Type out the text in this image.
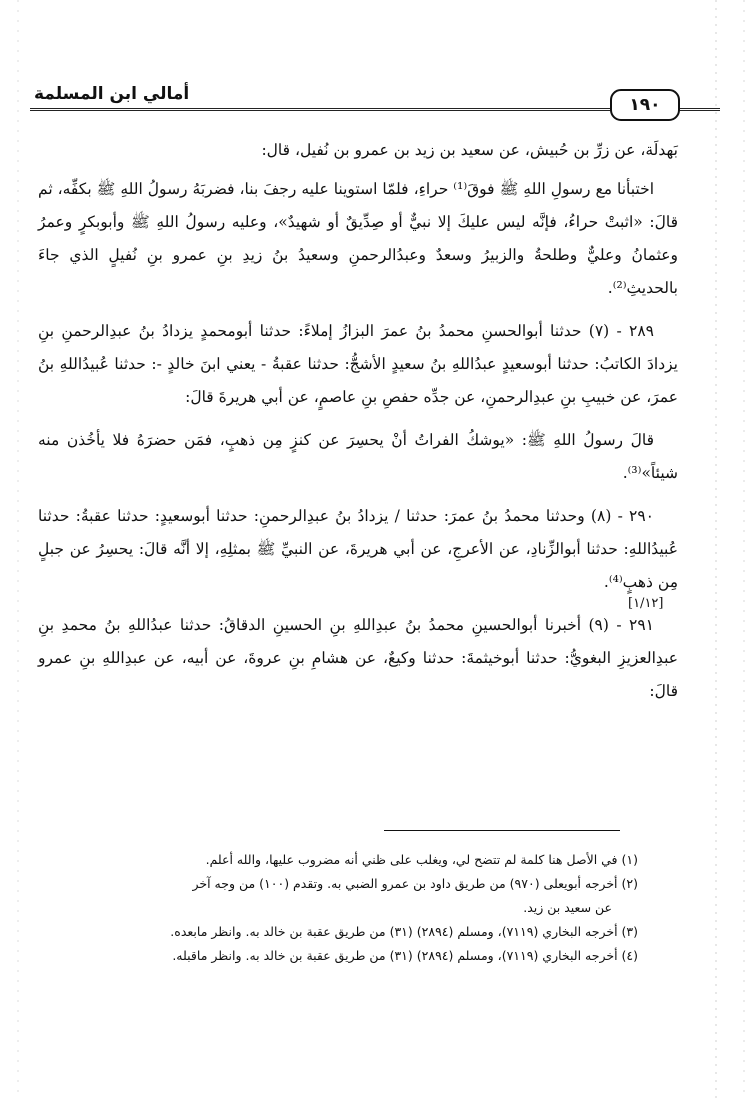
أمالي ابن المسلمة
١٩٠

بَهدلَة، عن زرِّ بن حُبيش، عن سعيد بن زيد بن عمرو بن نُفيل، قال:

اختبأنا مع رسولِ اللهِ ﷺ فوقَ⁽¹⁾ حراءِ، فلمّا استوينا عليه رجفَ بنا، فضربَهُ رسولُ اللهِ ﷺ بكفِّه، ثم قالَ: «اثبتْ حراءُ، فإنَّه ليس عليكَ إلا نبيٌّ أو صِدِّيقٌ أو شهيدٌ»، وعليه رسولُ اللهِ ﷺ وأبوبكرٍ وعمرُ وعثمانُ وعليٌّ وطلحةُ والزبيرُ وسعدٌ وعبدُالرحمنِ وسعيدُ بنُ زيدِ بنِ عمرو بنِ نُفيلٍ الذي جاءَ بالحديثِ⁽²⁾.

٢٨٩ - (٧) حدثنا أبوالحسنِ محمدُ بنُ عمرَ البزازُ إملاءً: حدثنا أبومحمدٍ يزدادُ بنُ عبدِالرحمنِ بنِ يزدادَ الكاتبُ: حدثنا أبوسعيدٍ عبدُاللهِ بنُ سعيدٍ الأشجُّ: حدثنا عقبةُ - يعني ابنَ خالدٍ -: حدثنا عُبيدُاللهِ بنُ عمرَ، عن خبيبِ بنِ عبدِالرحمنِ، عن جدِّه حفصِ بنِ عاصمٍ، عن أبي هريرةَ قالَ:

قالَ رسولُ اللهِ ﷺ: «يوشكُ الفراتُ أنْ يحسِرَ عن كنزٍ مِن ذهبٍ، فمَن حضرَهُ فلا يأخُذن منه شيئاً»⁽³⁾.

٢٩٠ - (٨) وحدثنا محمدُ بنُ عمرَ: حدثنا / يزدادُ بنُ عبدِالرحمنِ: حدثنا أبوسعيدٍ: حدثنا عقبةُ: حدثنا عُبيدُاللهِ: حدثنا أبوالزِّنادِ، عن الأعرجِ، عن أبي هريرةَ، عن النبيِّ ﷺ بمثلِهِ، إلا أنَّه قالَ: يحسِرُ عن جبلٍ مِن ذهبٍ⁽⁴⁾.

٢٩١ - (٩) أخبرنا أبوالحسينِ محمدُ بنُ عبدِاللهِ بنِ الحسينِ الدقاقُ: حدثنا عبدُاللهِ بنُ محمدِ بنِ عبدِالعزيزِ البغويُّ: حدثنا أبوخيثمةَ: حدثنا وكيعٌ، عن هشامِ بنِ عروةَ، عن أبيه، عن عبدِاللهِ بنِ عمرو قالَ:

[١/١٢]
(١) في الأصل هنا كلمة لم تتضح لي، ويغلب على ظني أنه مضروب عليها، والله أعلم.
(٢) أخرجه أبويعلى (٩٧٠) من طريق داود بن عمرو الضبي به. وتقدم (١٠٠) من وجه آخر
عن سعيد بن زيد.
(٣) أخرجه البخاري (٧١١٩)، ومسلم (٢٨٩٤) (٣١) من طريق عقبة بن خالد به. وانظر مابعده.
(٤) أخرجه البخاري (٧١١٩)، ومسلم (٢٨٩٤) (٣١) من طريق عقبة بن خالد به. وانظر ماقبله.
